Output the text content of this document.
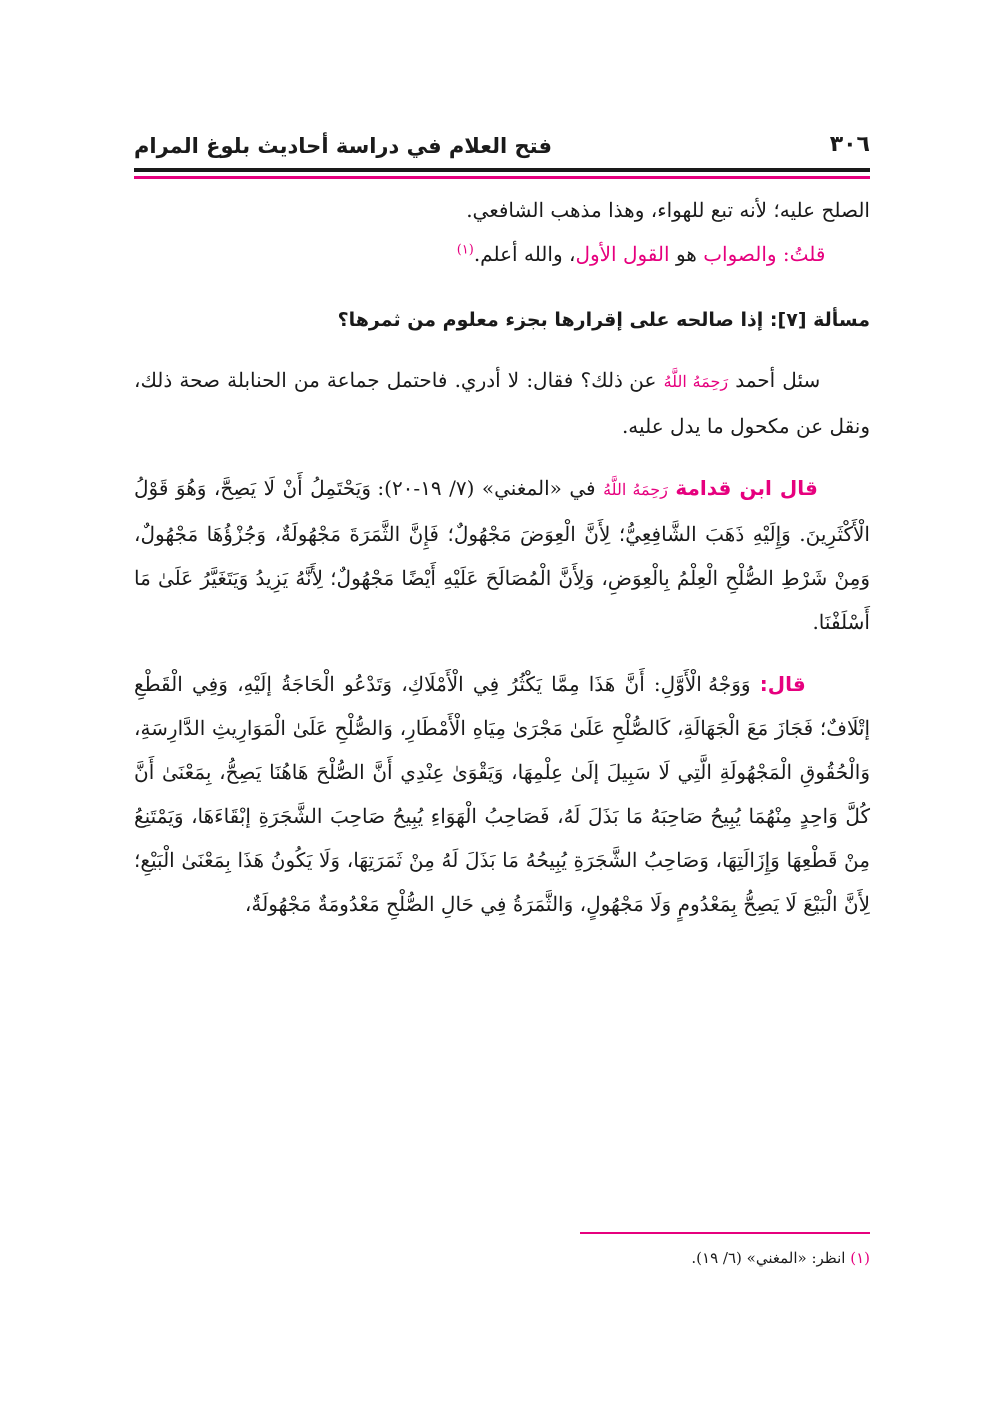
فتح العلام في دراسة أحاديث بلوغ المرام	٣٠٦

الصلح عليه؛ لأنه تبع للهواء، وهذا مذهب الشافعي.

قلتُ: والصواب هو القول الأول، والله أعلم.$^{(١)}$

مسألة [٧]: إذا صالحه على إقرارها بجزء معلوم من ثمرها؟

سئل أحمد رَحِمَهُ اللَّهُ عن ذلك؟ فقال: لا أدري. فاحتمل جماعة من الحنابلة صحة ذلك، ونقل عن مكحول ما يدل عليه.

قال ابن قدامة رَحِمَهُ اللَّهُ في «المغني» (٧/ ١٩-٢٠): وَيَحْتَمِلُ أَنْ لَا يَصِحَّ، وَهُوَ قَوْلُ الْأَكْثَرِينَ. وَإِلَيْهِ ذَهَبَ الشَّافِعِيُّ؛ لِأَنَّ الْعِوَضَ مَجْهُولٌ؛ فَإِنَّ الثَّمَرَةَ مَجْهُولَةٌ، وَجُزْؤُهَا مَجْهُولٌ، وَمِنْ شَرْطِ الصُّلْحِ الْعِلْمُ بِالْعِوَضِ، وَلِأَنَّ الْمُصَالَحَ عَلَيْهِ أَيْضًا مَجْهُولٌ؛ لِأَنَّهُ يَزِيدُ وَيَتَغَيَّرُ عَلَىٰ مَا أَسْلَفْنَا.

قال: وَوَجْهُ الْأَوَّلِ: أَنَّ هَذَا مِمَّا يَكْثُرُ فِي الْأَمْلَاكِ، وَتَدْعُو الْحَاجَةُ إلَيْهِ، وَفِي الْقَطْعِ إتْلَافٌ؛ فَجَازَ مَعَ الْجَهَالَةِ، كَالصُّلْحِ عَلَىٰ مَجْرَىٰ مِيَاهِ الْأَمْطَارِ، وَالصُّلْحِ عَلَىٰ الْمَوَارِيثِ الدَّارِسَةِ، وَالْحُقُوقِ الْمَجْهُولَةِ الَّتِي لَا سَبِيلَ إلَىٰ عِلْمِهَا، وَيَقْوَىٰ عِنْدِي أَنَّ الصُّلْحَ هَاهُنَا يَصِحُّ، بِمَعْنَىٰ أَنَّ كُلَّ وَاحِدٍ مِنْهُمَا يُبِيحُ صَاحِبَهُ مَا بَذَلَ لَهُ، فَصَاحِبُ الْهَوَاءِ يُبِيحُ صَاحِبَ الشَّجَرَةِ إبْقَاءَهَا، وَيَمْتَنِعُ مِنْ قَطْعِهَا وَإِزَالَتِهَا، وَصَاحِبُ الشَّجَرَةِ يُبِيحُهُ مَا بَذَلَ لَهُ مِنْ ثَمَرَتِهَا، وَلَا يَكُونُ هَذَا بِمَعْنَىٰ الْبَيْعِ؛ لِأَنَّ الْبَيْعَ لَا يَصِحُّ بِمَعْدُومٍ وَلَا مَجْهُولٍ، وَالثَّمَرَةُ فِي حَالِ الصُّلْحِ مَعْدُومَةٌ مَجْهُولَةٌ،

(١) انظر: «المغني» (٦/ ١٩).
